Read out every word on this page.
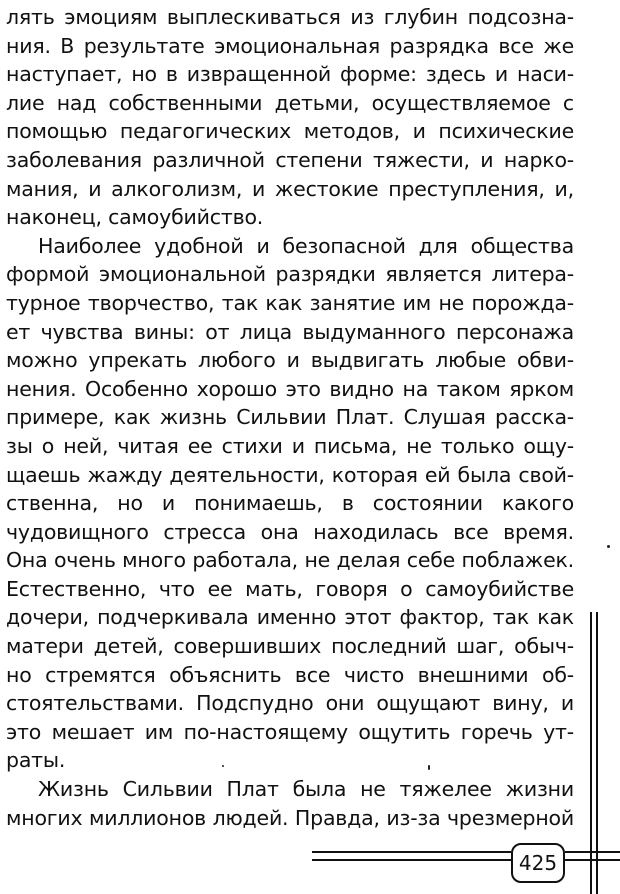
лять эмоциям выплескиваться из глубин подсозна-
ния. В результате эмоциональная разрядка все же
наступает, но в извращенной форме: здесь и наси-
лие над собственными детьми, осуществляемое с
помощью педагогических методов, и психические
заболевания различной степени тяжести, и нарко-
мания, и алкоголизм, и жестокие преступления, и,
наконец, самоубийство.
Наиболее удобной и безопасной для общества
формой эмоциональной разрядки является литера-
турное творчество, так как занятие им не порожда-
ет чувства вины: от лица выдуманного персонажа
можно упрекать любого и выдвигать любые обви-
нения. Особенно хорошо это видно на таком ярком
примере, как жизнь Сильвии Плат. Слушая расска-
зы о ней, читая ее стихи и письма, не только ощу-
щаешь жажду деятельности, которая ей была свой-
ственна, но и понимаешь, в состоянии какого
чудовищного стресса она находилась все время.
Она очень много работала, не делая себе поблажек.
Естественно, что ее мать, говоря о самоубийстве
дочери, подчеркивала именно этот фактор, так как
матери детей, совершивших последний шаг, обыч-
но стремятся объяснить все чисто внешними об-
стоятельствами. Подспудно они ощущают вину, и
это мешает им по-настоящему ощутить горечь ут-
раты.
Жизнь Сильвии Плат была не тяжелее жизни
многих миллионов людей. Правда, из-за чрезмерной
425
